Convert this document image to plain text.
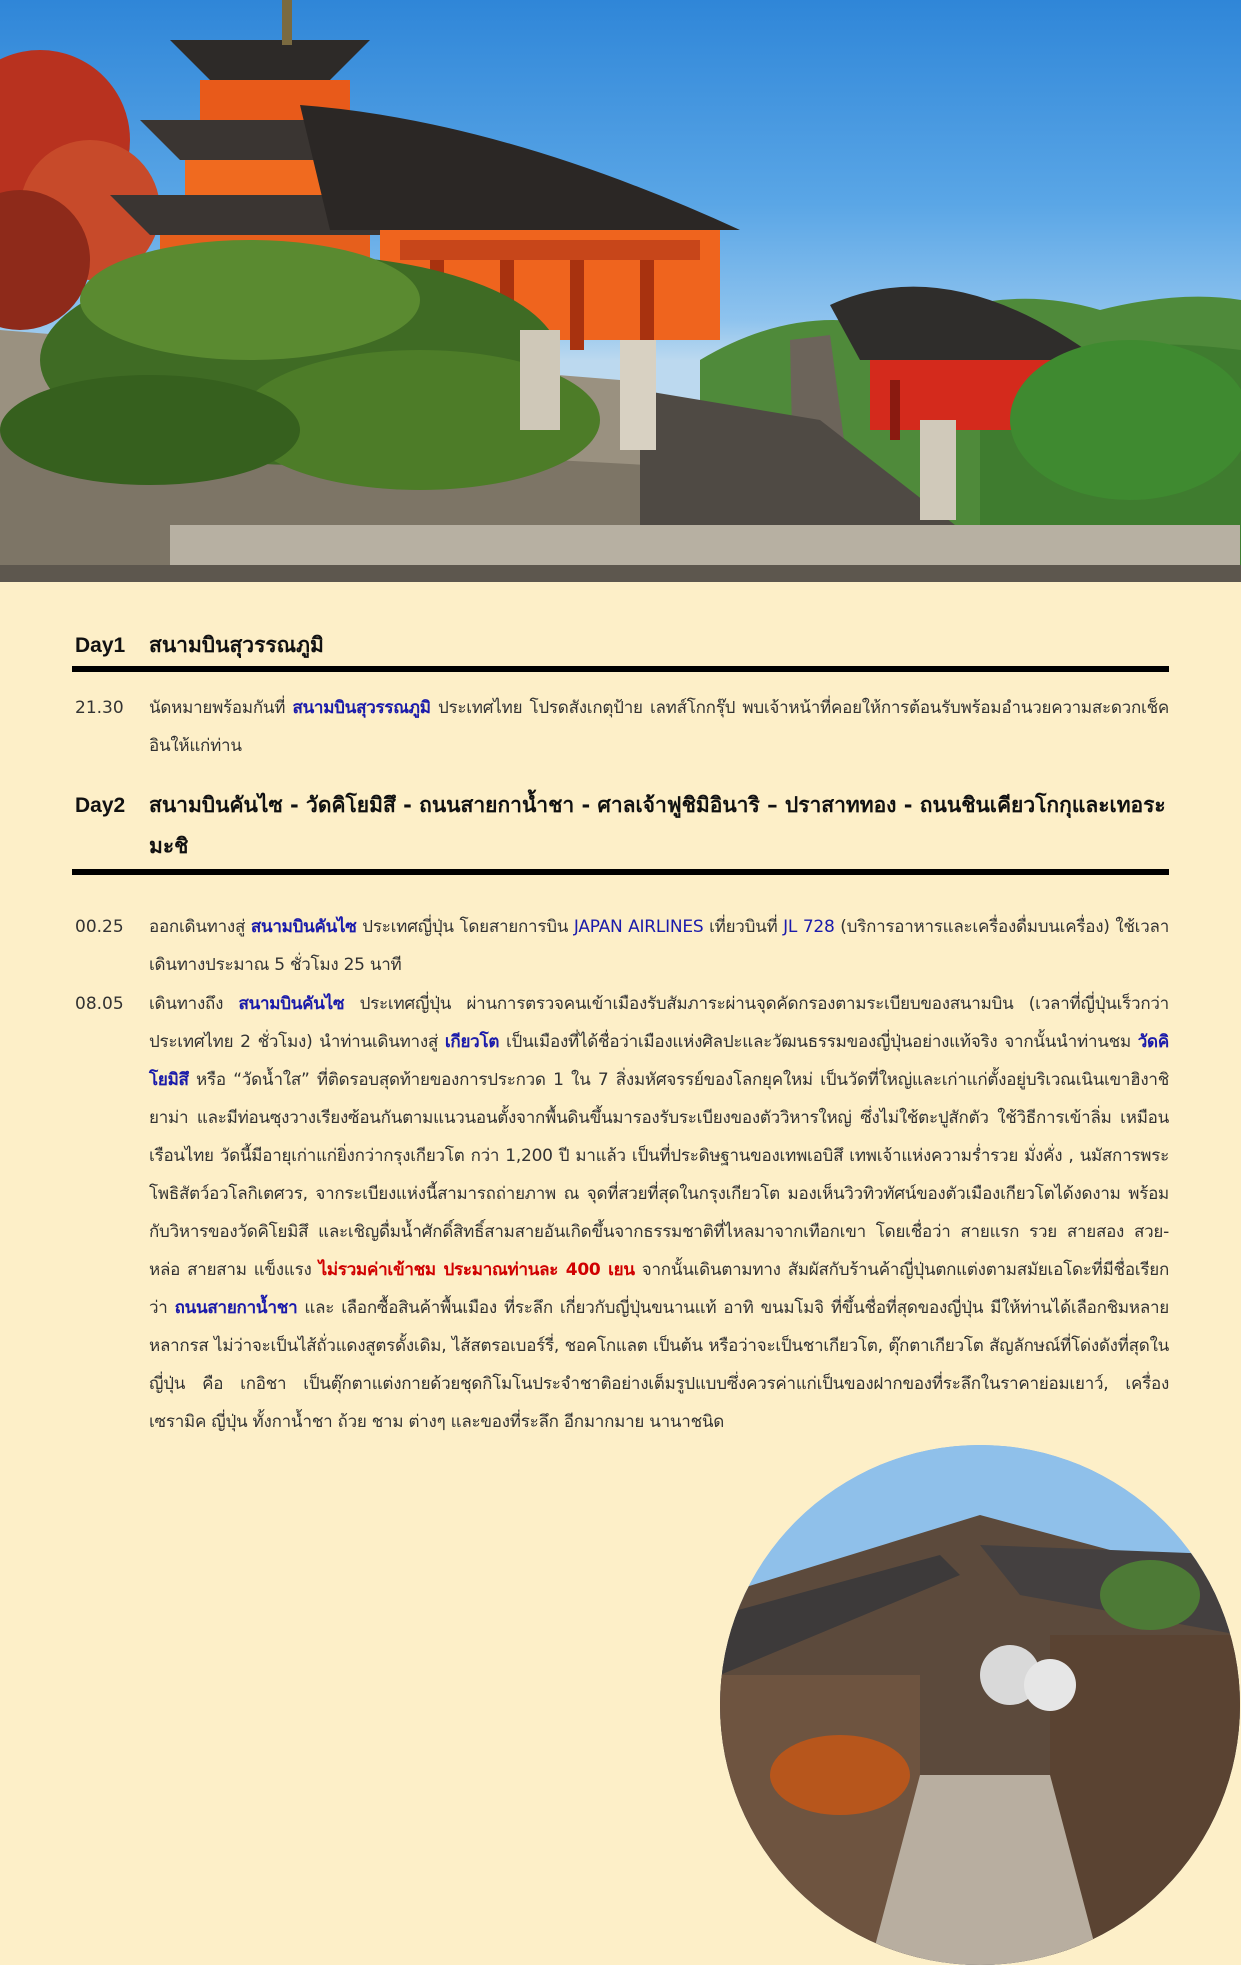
Day1 สนามบินสุวรรณภูมิ
21.30 นัดหมายพร้อมกันที่ สนามบินสุวรรณภูมิ ประเทศไทย โปรดสังเกตุป้าย เลทส์โกกรุ๊ป พบเจ้าหน้าที่คอยให้การต้อนรับพร้อมอำนวยความสะดวกเช็คอินให้แก่ท่าน
Day2 สนามบินคันไซ - วัดคิโยมิสึ - ถนนสายกาน้ำชา - ศาลเจ้าฟูชิมิอินาริ – ปราสาททอง - ถนนชินเคียวโกกุและเทอระมะชิ
00.25 ออกเดินทางสู่ สนามบินคันไซ ประเทศญี่ปุ่น โดยสายการบิน JAPAN AIRLINES เที่ยวบินที่ JL 728 (บริการอาหารและเครื่องดื่มบนเครื่อง) ใช้เวลาเดินทางประมาณ 5 ชั่วโมง 25 นาที
08.05 เดินทางถึง สนามบินคันไซ ประเทศญี่ปุ่น ผ่านการตรวจคนเข้าเมืองรับสัมภาระผ่านจุดคัดกรองตามระเบียบของสนามบิน (เวลาที่ญี่ปุ่นเร็วกว่าประเทศไทย 2 ชั่วโมง) นำท่านเดินทางสู่ เกียวโต เป็นเมืองที่ได้ชื่อว่าเมืองแห่งศิลปะและวัฒนธรรมของญี่ปุ่นอย่างแท้จริง จากนั้นนำท่านชม วัดคิโยมิสึ หรือ “วัดน้ำใส” ที่ติดรอบสุดท้ายของการประกวด 1 ใน 7 สิ่งมหัศจรรย์ของโลกยุคใหม่ เป็นวัดที่ใหญ่และเก่าแก่ตั้งอยู่บริเวณเนินเขาฮิงาชิยาม่า และมีท่อนซุงวางเรียงซ้อนกันตามแนวนอนตั้งจากพื้นดินขึ้นมารองรับระเบียงของตัววิหารใหญ่ ซึ่งไม่ใช้ตะปูสักตัว ใช้วิธีการเข้าลิ่ม เหมือนเรือนไทย วัดนี้มีอายุเก่าแก่ยิ่งกว่ากรุงเกียวโต กว่า 1,200 ปี มาแล้ว เป็นที่ประดิษฐานของเทพเอบิสึ เทพเจ้าแห่งความร่ำรวย มั่งคั่ง , นมัสการพระโพธิสัตว์อวโลกิเตศวร, จากระเบียงแห่งนี้สามารถถ่ายภาพ ณ จุดที่สวยที่สุดในกรุงเกียวโต มองเห็นวิวทิวทัศน์ของตัวเมืองเกียวโตได้งดงาม พร้อมกับวิหารของวัดคิโยมิสึ และเชิญดื่มน้ำศักดิ์สิทธิ์สามสายอันเกิดขึ้นจากธรรมชาติที่ไหลมาจากเทือกเขา โดยเชื่อว่า สายแรก รวย สายสอง สวย-หล่อ สายสาม แข็งแรง ไม่รวมค่าเข้าชม ประมาณท่านละ 400 เยน จากนั้นเดินตามทาง สัมผัสกับร้านค้าญี่ปุ่นตกแต่งตามสมัยเอโดะที่มีชื่อเรียกว่า ถนนสายกาน้ำชา และ เลือกซื้อสินค้าพื้นเมือง ที่ระลึก เกี่ยวกับญี่ปุ่นขนานแท้ อาทิ ขนมโมจิ ที่ขึ้นชื่อที่สุดของญี่ปุ่น มีให้ท่านได้เลือกชิมหลายหลากรส ไม่ว่าจะเป็นไส้ถั่วแดงสูตรดั้งเดิม, ไส้สตรอเบอร์รี่, ชอคโกแลต เป็นต้น หรือว่าจะเป็นชาเกียวโต, ตุ๊กตาเกียวโต สัญลักษณ์ที่โด่งดังที่สุดในญี่ปุ่น คือ เกอิชา เป็นตุ๊กตาแต่งกายด้วยชุดกิโมโนประจำชาติอย่างเต็มรูปแบบซึ่งควรค่าแก่เป็นของฝากของที่ระลึกในราคาย่อมเยาว์, เครื่องเซรามิค ญี่ปุ่น ทั้งกาน้ำชา ถ้วย ชาม ต่างๆ และของที่ระลึก อีกมากมาย นานาชนิด
